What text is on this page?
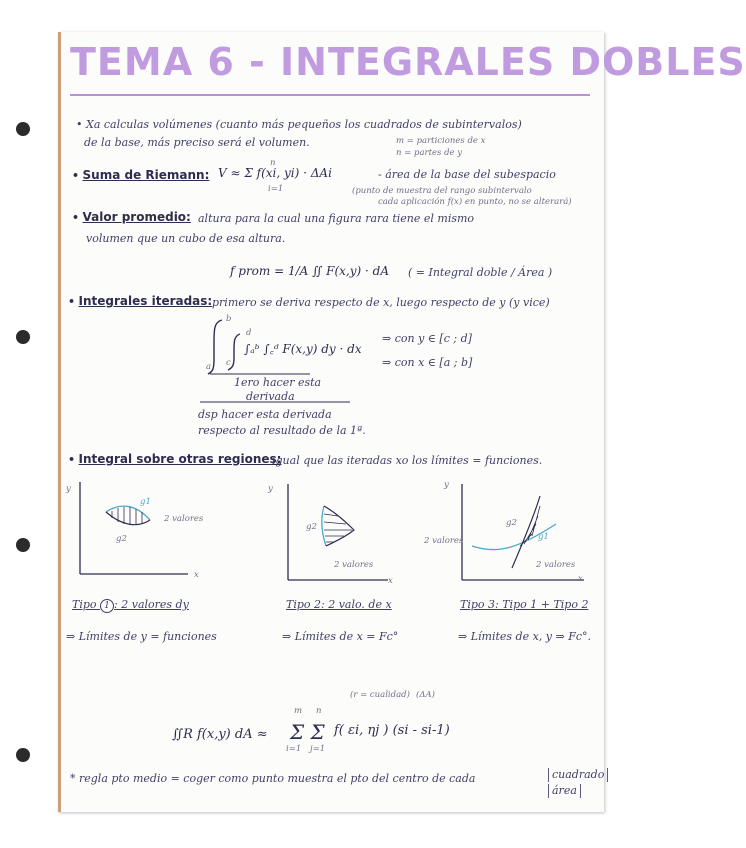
TEMA 6 - INTEGRALES DOBLES
• Xa calculas volúmenes (cuanto más pequeños los cuadrados de subintervalos)
de la base, más preciso será el volumen.	m = particiones de x
n = partes de y
• Suma de Riemann: V ≈ Σ f(xi, yi) · ΔAi
n
i=1
- área de la base del subespacio
(punto de muestra del rango subintervalo
cada aplicación f(x) en punto, no se alterará)
• Valor promedio: altura para la cual una figura rara tiene el mismo
volumen que un cubo de esa altura.
f prom = 1/A ∬ F(x,y) · dA ( = Integral doble / Área )
• Integrales iteradas: primero se deriva respecto de x, luego respecto de y (y vice)
b
a
d
c
∫ₐᵇ ∫꜀ᵈ F(x,y) dy · dx
⇒ con y ∈ [c ; d]
⇒ con x ∈ [a ; b]
1ero hacer esta
derivada
dsp hacer esta derivada
respecto al resultado de la 1ª.
• Integral sobre otras regiones:
igual que las iteradas xo los límites = funciones.
y
x
g1
g2
2 valores
y
x
g2
2 valores
y
x
g1
g2
2 valores
2 valores
Tipo 1 : 2 valores dy	Tipo 2: 2 valo. de x	Tipo 3: Tipo 1 + Tipo 2
⇒ Límites de y = funciones	⇒ Límites de x = Fc°	⇒ Límites de x, y ⇒ Fc°.
(r = cualidad) (ΔA)
∬R f(x,y) dA ≈ Σ Σ
m n
i=1 j=1
f( εi, ηj ) (si - si-1)
* regla pto medio = coger como punto muestra el pto del centro de cada	cuadrado
área
